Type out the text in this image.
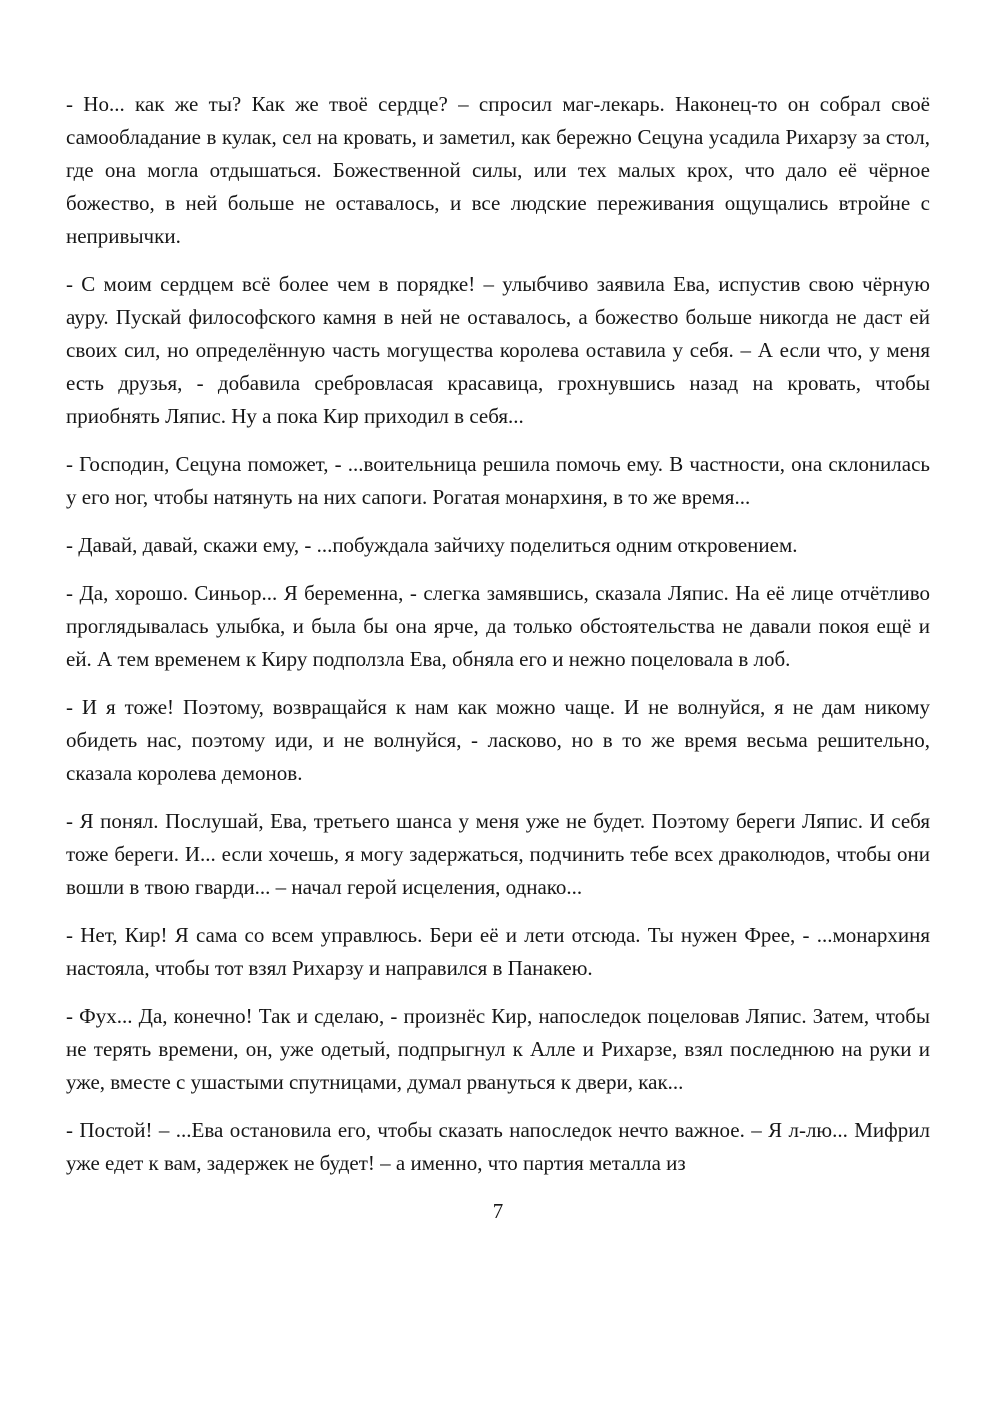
- Но... как же ты? Как же твоё сердце? – спросил маг-лекарь. Наконец-то он собрал своё самообладание в кулак, сел на кровать, и заметил, как бережно Сецуна усадила Рихарзу за стол, где она могла отдышаться. Божественной силы, или тех малых крох, что дало её чёрное божество, в ней больше не оставалось, и все людские переживания ощущались втройне с непривычки.

- С моим сердцем всё более чем в порядке! – улыбчиво заявила Ева, испустив свою чёрную ауру. Пускай философского камня в ней не оставалось, а божество больше никогда не даст ей своих сил, но определённую часть могущества королева оставила у себя. – А если что, у меня есть друзья, - добавила сребровласая красавица, грохнувшись назад на кровать, чтобы приобнять Ляпис. Ну а пока Кир приходил в себя...

- Господин, Сецуна поможет, - ...воительница решила помочь ему. В частности, она склонилась у его ног, чтобы натянуть на них сапоги. Рогатая монархиня, в то же время...

- Давай, давай, скажи ему, - ...побуждала зайчиху поделиться одним откровением.

- Да, хорошо. Синьор... Я беременна, - слегка замявшись, сказала Ляпис. На её лице отчётливо проглядывалась улыбка, и была бы она ярче, да только обстоятельства не давали покоя ещё и ей. А тем временем к Киру подползла Ева, обняла его и нежно поцеловала в лоб.

- И я тоже! Поэтому, возвращайся к нам как можно чаще. И не волнуйся, я не дам никому обидеть нас, поэтому иди, и не волнуйся, - ласково, но в то же время весьма решительно, сказала королева демонов.

- Я понял. Послушай, Ева, третьего шанса у меня уже не будет. Поэтому береги Ляпис. И себя тоже береги. И... если хочешь, я могу задержаться, подчинить тебе всех драколюдов, чтобы они вошли в твою гварди... – начал герой исцеления, однако...

- Нет, Кир! Я сама со всем управлюсь. Бери её и лети отсюда. Ты нужен Фрее, - ...монархиня настояла, чтобы тот взял Рихарзу и направился в Панакею.

- Фух... Да, конечно! Так и сделаю, - произнёс Кир, напоследок поцеловав Ляпис. Затем, чтобы не терять времени, он, уже одетый, подпрыгнул к Алле и Рихарзе, взял последнюю на руки и уже, вместе с ушастыми спутницами, думал рвануться к двери, как...

- Постой! – ...Ева остановила его, чтобы сказать напоследок нечто важное. – Я л-лю... Мифрил уже едет к вам, задержек не будет! – а именно, что партия металла из

7
